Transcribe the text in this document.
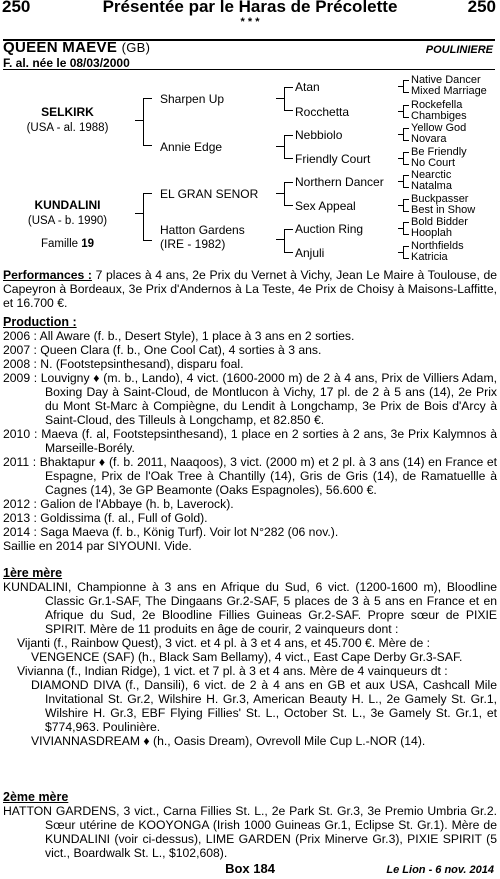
250	Présentée par le Haras de Précolette	250
* * *
QUEEN MAEVE (GB)	POULINIERE
F. al. née le 08/03/2000
SELKIRK
(USA - al. 1988)
KUNDALINI
(USA - b. 1990)
Famille 19
Sharpen Up
Annie Edge
EL GRAN SENOR
Hatton Gardens
(IRE - 1982)
Atan
Rocchetta
Nebbiolo
Friendly Court
Northern Dancer
Sex Appeal
Auction Ring
Anjuli
Native Dancer
Mixed Marriage
Rockefella
Chambiges
Yellow God
Novara
Be Friendly
No Court
Nearctic
Natalma
Buckpasser
Best in Show
Bold Bidder
Hooplah
Northfields
Katricia
Performances : 7 places à 4 ans, 2e Prix du Vernet à Vichy, Jean Le Maire à Toulouse, de Capeyron à Bordeaux, 3e Prix d'Andernos à La Teste, 4e Prix de Choisy à Maisons-Laffitte, et 16.700 €.
Production :
2006 : All Aware (f. b., Desert Style), 1 place à 3 ans en 2 sorties.
2007 : Queen Clara (f. b., One Cool Cat), 4 sorties à 3 ans.
2008 : N. (Footstepsinthesand), disparu foal.
2009 : Louvigny ♦ (m. b., Lando), 4 vict. (1600-2000 m) de 2 à 4 ans, Prix de Villiers Adam, Boxing Day à Saint-Cloud, de Montlucon à Vichy, 17 pl. de 2 à 5 ans (14), 2e Prix du Mont St-Marc à Compiègne, du Lendit à Longchamp, 3e Prix de Bois d'Arcy à Saint-Cloud, des Tilleuls à Longchamp, et 82.850 €.
2010 : Maeva (f. al, Footstepsinthesand), 1 place en 2 sorties à 2 ans, 3e Prix Kalymnos à Marseille-Borély.
2011 : Bhaktapur ♦ (f. b. 2011, Naaqoos), 3 vict. (2000 m) et 2 pl. à 3 ans (14) en France et Espagne, Prix de l'Oak Tree à Chantilly (14), Gris de Gris (14), de Ramatuellle à Cagnes (14), 3e GP Beamonte (Oaks Espagnoles), 56.600 €.
2012 : Galion de l'Abbaye (h. b, Laverock).
2013 : Goldissima (f. al., Full of Gold).
2014 : Saga Maeva (f. b., König Turf). Voir lot N°282 (06 nov.).
Saillie en 2014 par SIYOUNI. Vide.
1ère mère
KUNDALINI, Championne à 3 ans en Afrique du Sud, 6 vict. (1200-1600 m), Bloodline Classic Gr.1-SAF, The Dingaans Gr.2-SAF, 5 places de 3 à 5 ans en France et en Afrique du Sud, 2e Bloodline Fillies Guineas Gr.2-SAF. Propre sœur de PIXIE SPIRIT. Mère de 11 produits en âge de courir, 2 vainqueurs dont :
Vijanti (f., Rainbow Quest), 3 vict. et 4 pl. à 3 et 4 ans, et 45.700 €. Mère de :
VENGENCE (SAF) (h., Black Sam Bellamy), 4 vict., East Cape Derby Gr.3-SAF.
Vivianna (f., Indian Ridge), 1 vict. et 7 pl. à 3 et 4 ans. Mère de 4 vainqueurs dt :
DIAMOND DIVA (f., Dansili), 6 vict. de 2 à 4 ans en GB et aux USA, Cashcall Mile Invitational St. Gr.2, Wilshire H. Gr.3, American Beauty H. L., 2e Gamely St. Gr.1, Wilshire H. Gr.3, EBF Flying Fillies' St. L., October St. L., 3e Gamely St. Gr.1, et $774,963. Poulinière.
VIVIANNASDREAM ♦ (h., Oasis Dream), Ovrevoll Mile Cup L.-NOR (14).
2ème mère
HATTON GARDENS, 3 vict., Carna Fillies St. L., 2e Park St. Gr.3, 3e Premio Umbria Gr.2. Sœur utérine de KOOYONGA (Irish 1000 Guineas Gr.1, Eclipse St. Gr.1). Mère de KUNDALINI (voir ci-dessus), LIME GARDEN (Prix Minerve Gr.3), PIXIE SPIRIT (5 vict., Boardwalk St. L., $102,608).
Box 184	Le Lion - 6 nov. 2014
